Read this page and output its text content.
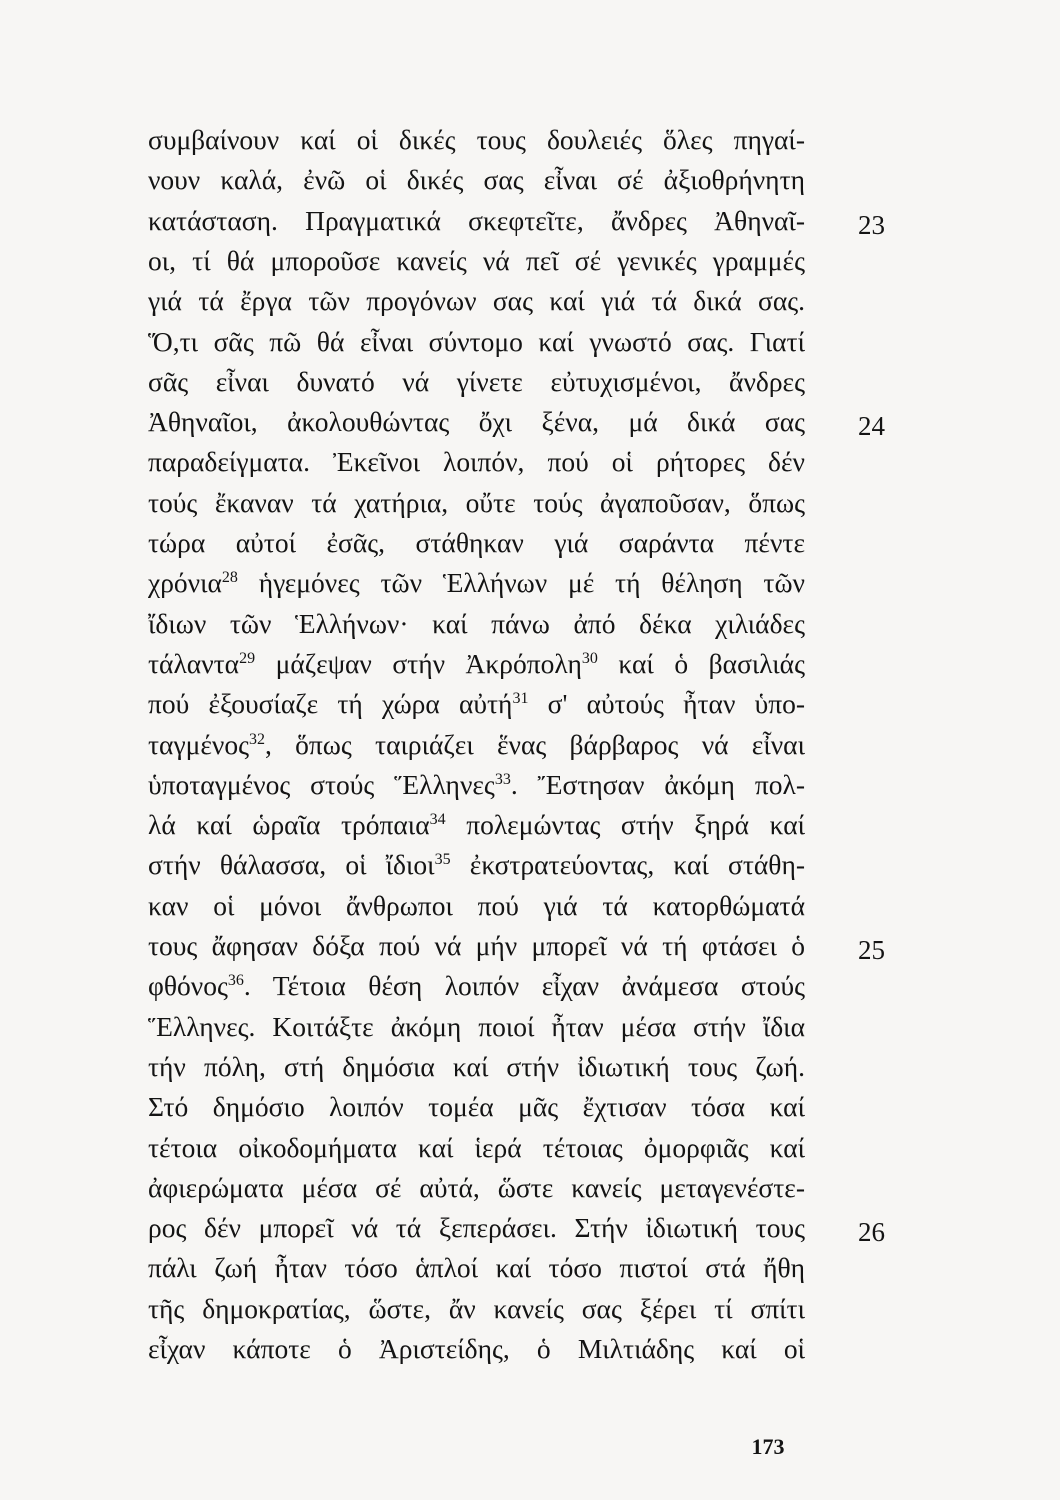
συμβαίνουν καί οἱ δικές τους δουλειές ὅλες πηγαί-
νουν καλά, ἐνῶ οἱ δικές σας εἶναι σέ ἀξιοθρήνητη
κατάσταση. Πραγματικά σκεφτεῖτε, ἄνδρες Ἀθηναῖ-
οι, τί θά μποροῦσε κανείς νά πεῖ σέ γενικές γραμμές
γιά τά ἔργα τῶν προγόνων σας καί γιά τά δικά σας.
Ὅ,τι σᾶς πῶ θά εἶναι σύντομο καί γνωστό σας. Γιατί
σᾶς εἶναι δυνατό νά γίνετε εὐτυχισμένοι, ἄνδρες
Ἀθηναῖοι, ἀκολουθώντας ὄχι ξένα, μά δικά σας
παραδείγματα. Ἐκεῖνοι λοιπόν, πού οἱ ρήτορες δέν
τούς ἔκαναν τά χατήρια, οὔτε τούς ἀγαποῦσαν, ὅπως
τώρα αὐτοί ἐσᾶς, στάθηκαν γιά σαράντα πέντε
χρόνια$^{28}$ ἡγεμόνες τῶν Ἑλλήνων μέ τή θέληση τῶν
ἴδιων τῶν Ἑλλήνων· καί πάνω ἀπό δέκα χιλιάδες
τάλαντα$^{29}$ μάζεψαν στήν Ἀκρόπολη$^{30}$ καί ὁ βασιλιάς
πού ἐξουσίαζε τή χώρα αὐτή$^{31}$ σ' αὐτούς ἦταν ὑπο-
ταγμένος$^{32}$, ὅπως ταιριάζει ἕνας βάρβαρος νά εἶναι
ὑποταγμένος στούς Ἕλληνες$^{33}$. Ἔστησαν ἀκόμη πολ-
λά καί ὡραῖα τρόπαια$^{34}$ πολεμώντας στήν ξηρά καί
στήν θάλασσα, οἱ ἴδιοι$^{35}$ ἐκστρατεύοντας, καί στάθη-
καν οἱ μόνοι ἄνθρωποι πού γιά τά κατορθώματά
τους ἄφησαν δόξα πού νά μήν μπορεῖ νά τή φτάσει ὁ
φθόνος$^{36}$. Τέτοια θέση λοιπόν εἶχαν ἀνάμεσα στούς
Ἕλληνες. Κοιτάξτε ἀκόμη ποιοί ἦταν μέσα στήν ἴδια
τήν πόλη, στή δημόσια καί στήν ἰδιωτική τους ζωή.
Στό δημόσιο λοιπόν τομέα μᾶς ἔχτισαν τόσα καί
τέτοια οἰκοδομήματα καί ἱερά τέτοιας ὀμορφιᾶς καί
ἀφιερώματα μέσα σέ αὐτά, ὥστε κανείς μεταγενέστε-
ρος δέν μπορεῖ νά τά ξεπεράσει. Στήν ἰδιωτική τους
πάλι ζωή ἦταν τόσο ἁπλοί καί τόσο πιστοί στά ἤθη
τῆς δημοκρατίας, ὥστε, ἄν κανείς σας ξέρει τί σπίτι
εἶχαν κάποτε ὁ Ἀριστείδης, ὁ Μιλτιάδης καί οἱ
23
24
25
26
173
